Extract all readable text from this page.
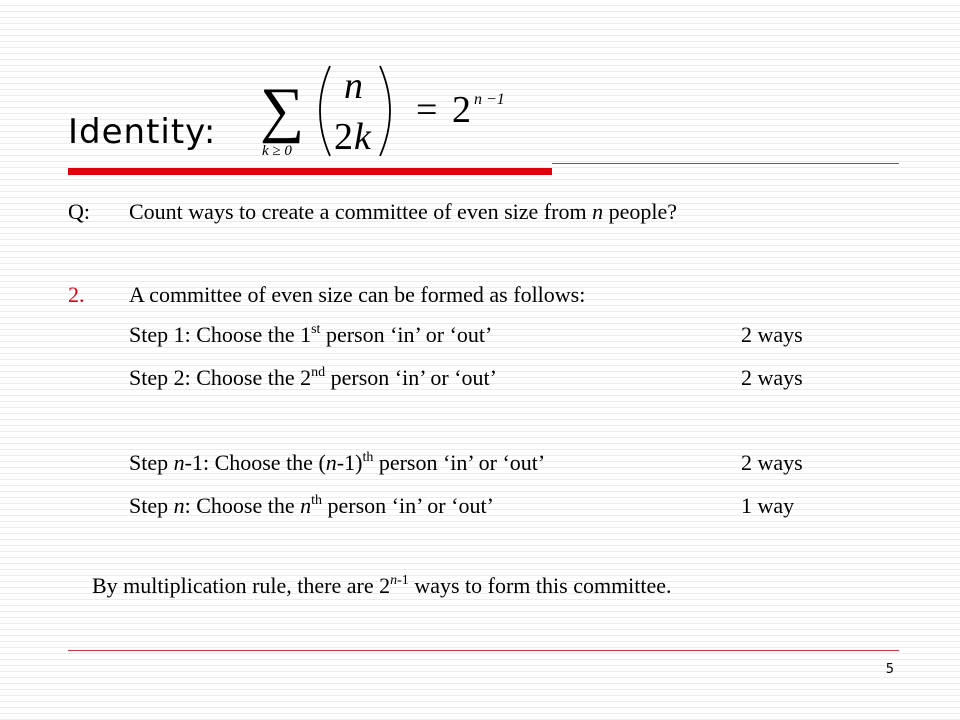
Identity: ∑
k ≥ 0
n
2 k
= 2 n −1
Q: Count ways to create a committee of even size from n people?
2. A committee of even size can be formed as follows:
Step 1: Choose the 1st person ‘in’ or ‘out’	2 ways
Step 2: Choose the 2nd person ‘in’ or ‘out’	2 ways
Step n-1: Choose the $(n-1)^{th}$ person ‘in’ or ‘out’	2 ways
Step n: Choose the $n^{th}$ person ‘in’ or ‘out’	1 way
By multiplication rule, there are 2$^{n-1}$ ways to form this committee.
5
